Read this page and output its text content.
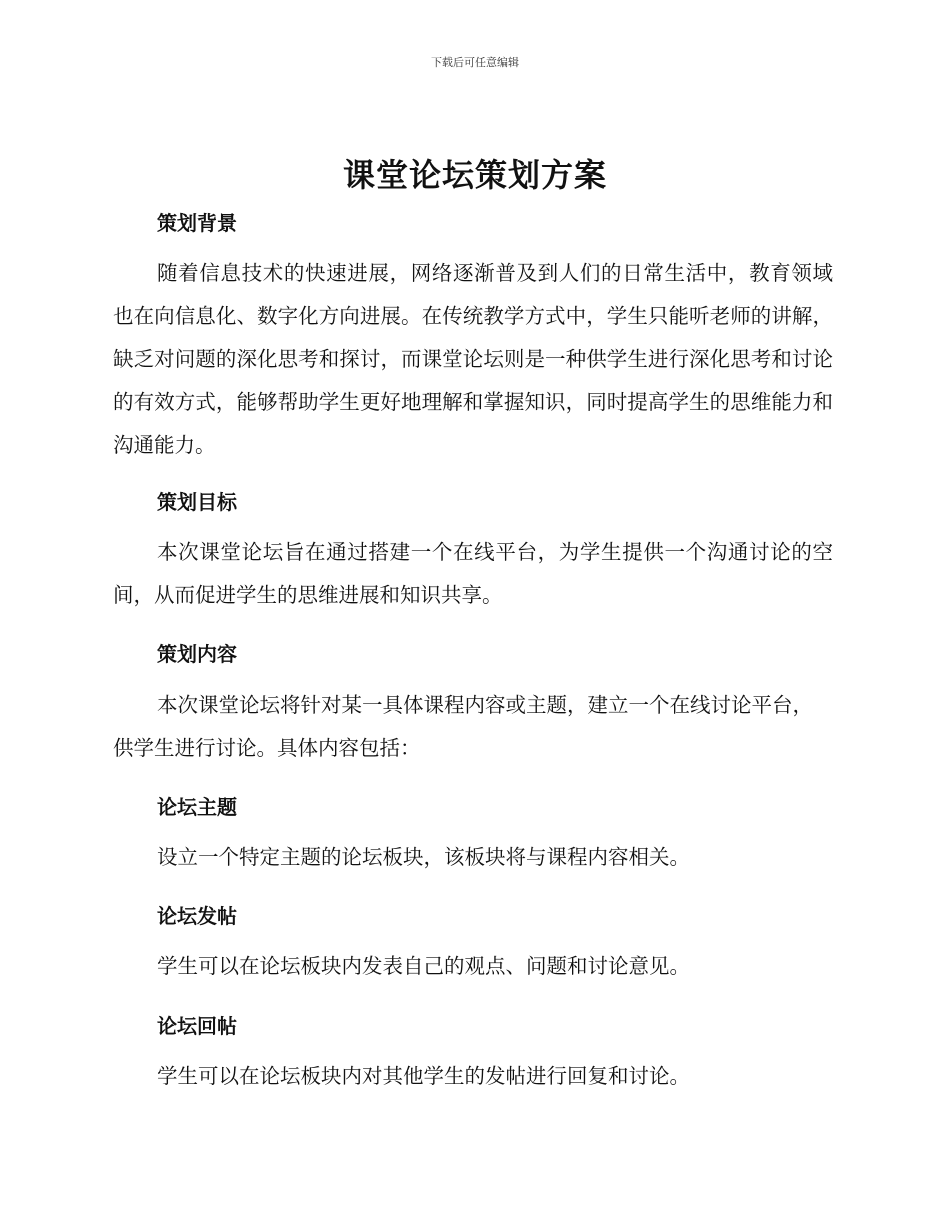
下载后可任意编辑
课堂论坛策划方案
策划背景

随着信息技术的快速进展，网络逐渐普及到人们的日常生活中，教育领域也在向信息化、数字化方向进展。在传统教学方式中，学生只能听老师的讲解，缺乏对问题的深化思考和探讨，而课堂论坛则是一种供学生进行深化思考和讨论的有效方式，能够帮助学生更好地理解和掌握知识，同时提高学生的思维能力和沟通能力。

策划目标

本次课堂论坛旨在通过搭建一个在线平台，为学生提供一个沟通讨论的空间，从而促进学生的思维进展和知识共享。

策划内容

本次课堂论坛将针对某一具体课程内容或主题，建立一个在线讨论平台，供学生进行讨论。具体内容包括：

论坛主题

设立一个特定主题的论坛板块，该板块将与课程内容相关。

论坛发帖

学生可以在论坛板块内发表自己的观点、问题和讨论意见。

论坛回帖

学生可以在论坛板块内对其他学生的发帖进行回复和讨论。
